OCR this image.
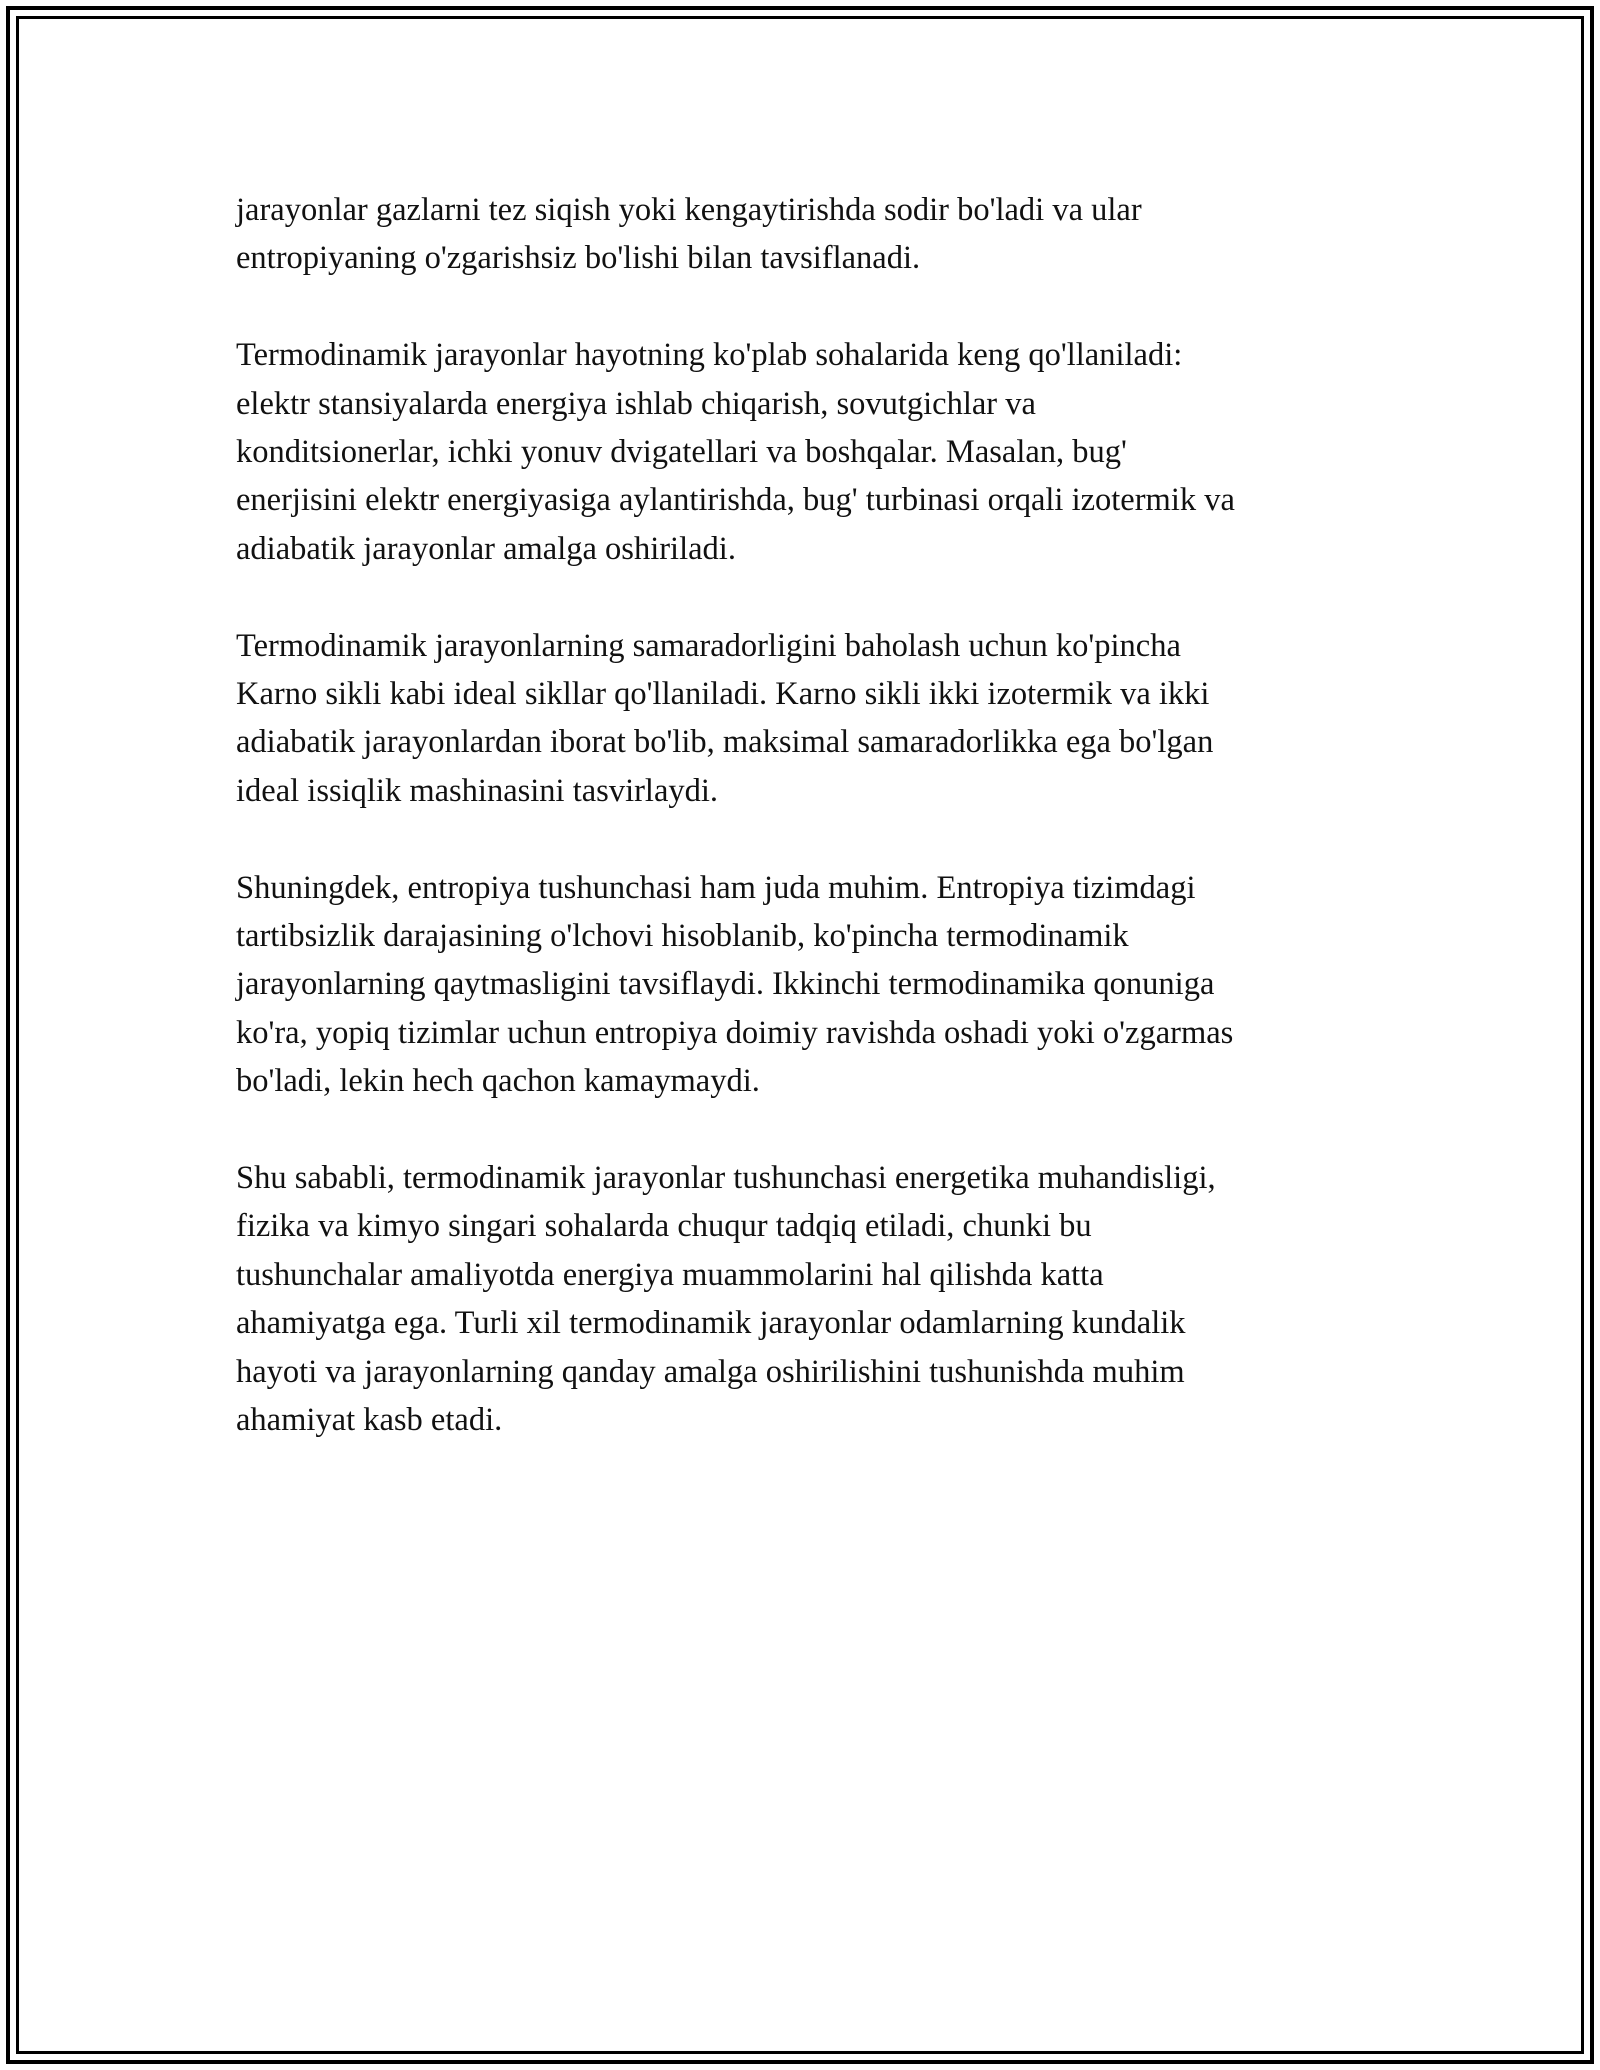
jarayonlar gazlarni tez siqish yoki kengaytirishda sodir bo'ladi va ular
entropiyaning o'zgarishsiz bo'lishi bilan tavsiflanadi.

Termodinamik jarayonlar hayotning ko'plab sohalarida keng qo'llaniladi:
elektr stansiyalarda energiya ishlab chiqarish, sovutgichlar va
konditsionerlar, ichki yonuv dvigatellari va boshqalar. Masalan, bug'
enerjisini elektr energiyasiga aylantirishda, bug' turbinasi orqali izotermik va
adiabatik jarayonlar amalga oshiriladi.

Termodinamik jarayonlarning samaradorligini baholash uchun ko'pincha
Karno sikli kabi ideal sikllar qo'llaniladi. Karno sikli ikki izotermik va ikki
adiabatik jarayonlardan iborat bo'lib, maksimal samaradorlikka ega bo'lgan
ideal issiqlik mashinasini tasvirlaydi.

Shuningdek, entropiya tushunchasi ham juda muhim. Entropiya tizimdagi
tartibsizlik darajasining o'lchovi hisoblanib, ko'pincha termodinamik
jarayonlarning qaytmasligini tavsiflaydi. Ikkinchi termodinamika qonuniga
ko'ra, yopiq tizimlar uchun entropiya doimiy ravishda oshadi yoki o'zgarmas
bo'ladi, lekin hech qachon kamaymaydi.

Shu sababli, termodinamik jarayonlar tushunchasi energetika muhandisligi,
fizika va kimyo singari sohalarda chuqur tadqiq etiladi, chunki bu
tushunchalar amaliyotda energiya muammolarini hal qilishda katta
ahamiyatga ega. Turli xil termodinamik jarayonlar odamlarning kundalik
hayoti va jarayonlarning qanday amalga oshirilishini tushunishda muhim
ahamiyat kasb etadi.
